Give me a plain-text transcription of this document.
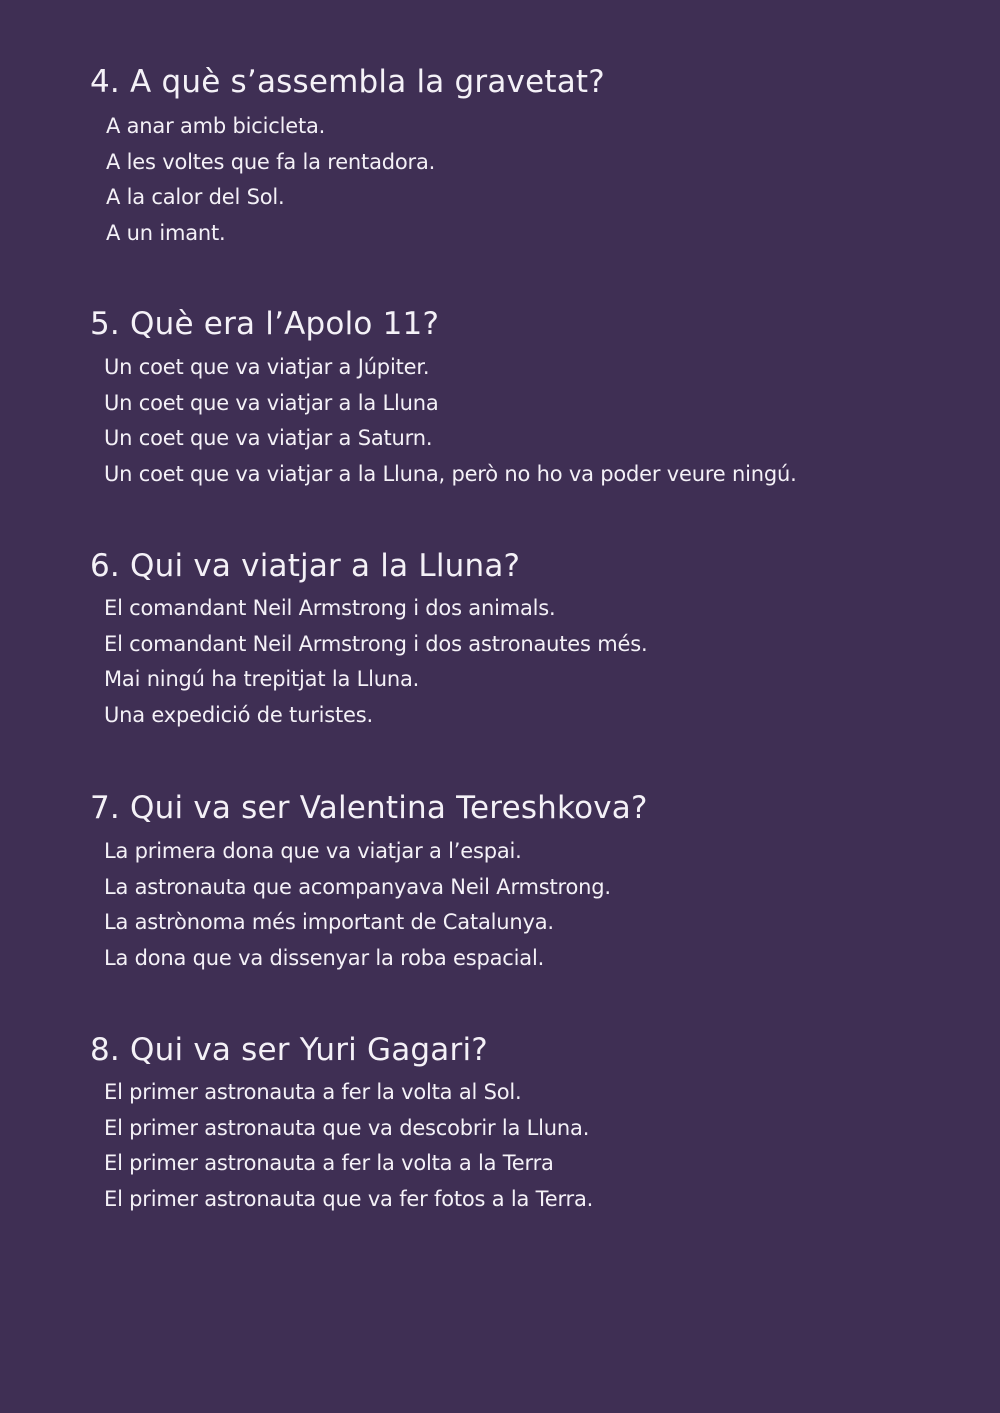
4. A què s’assembla la gravetat?
A anar amb bicicleta.
A les voltes que fa la rentadora.
A la calor del Sol.
A un imant.
5. Què era l’Apolo 11?
Un coet que va viatjar a Júpiter.
Un coet que va viatjar a la Lluna
Un coet que va viatjar a Saturn.
Un coet que va viatjar a la Lluna, però no ho va poder veure ningú.
6. Qui va viatjar a la Lluna?
El comandant Neil Armstrong i dos animals.
El comandant Neil Armstrong i dos astronautes més.
Mai ningú ha trepitjat la Lluna.
Una expedició de turistes.
7. Qui va ser Valentina Tereshkova?
La primera dona que va viatjar a l’espai.
La astronauta que acompanyava Neil Armstrong.
La astrònoma més important de Catalunya.
La dona que va dissenyar la roba espacial.
8. Qui va ser Yuri Gagari?
El primer astronauta a fer la volta al Sol.
El primer astronauta que va descobrir la Lluna.
El primer astronauta a fer la volta a la Terra
El primer astronauta que va fer fotos a la Terra.
